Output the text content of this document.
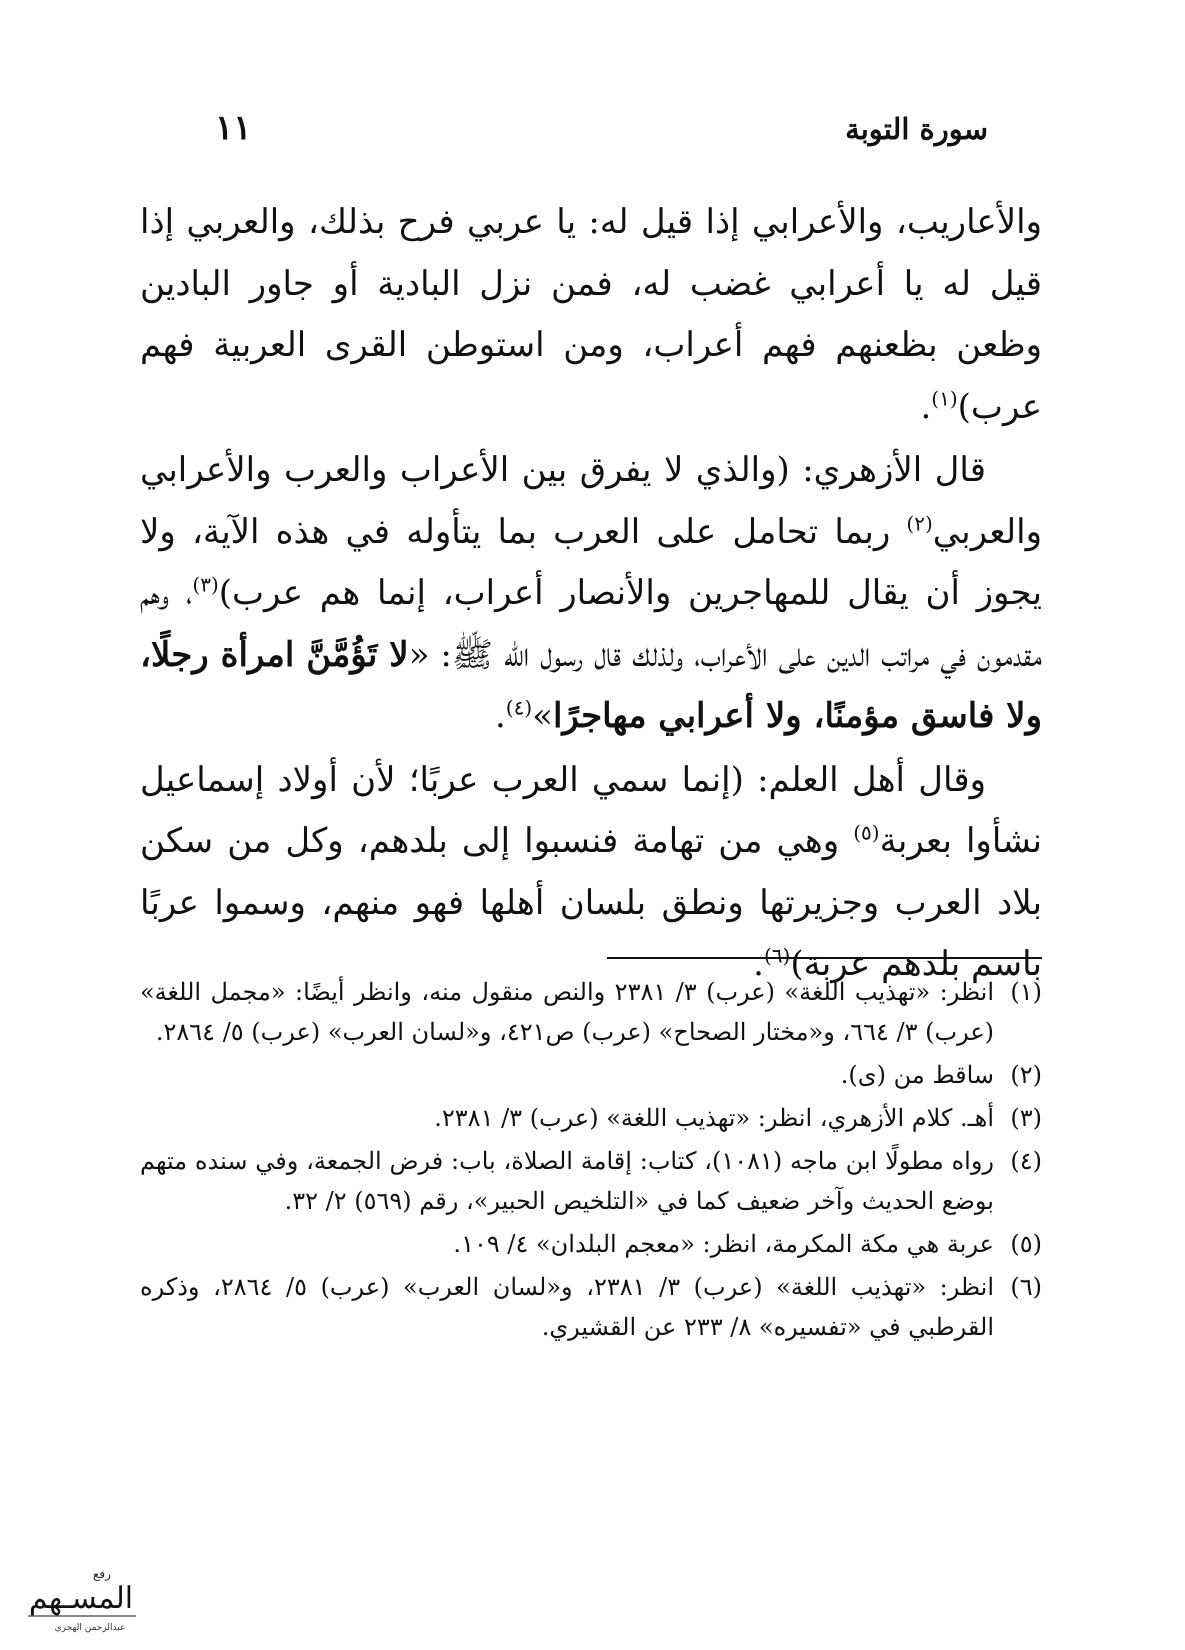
سورة التوبة
١١

والأعاريب، والأعرابي إذا قيل له: يا عربي فرح بذلك، والعربي إذا قيل له يا أعرابي غضب له، فمن نزل البادية أو جاور البادين وظعن بظعنهم فهم أعراب، ومن استوطن القرى العربية فهم عرب)$^{(١)}$.

قال الأزهري: (والذي لا يفرق بين الأعراب والعرب والأعرابي والعربي$^{(٢)}$ ربما تحامل على العرب بما يتأوله في هذه الآية، ولا يجوز أن يقال للمهاجرين والأنصار أعراب، إنما هم عرب)$^{(٣)}$، وهم مقدمون في مراتب الدين على الأعراب، ولذلك قال رسول الله ﷺ: «لا تَؤُمَّنَّ امرأة رجلًا، ولا فاسق مؤمنًا، ولا أعرابي مهاجرًا»$^{(٤)}$.

وقال أهل العلم: (إنما سمي العرب عربًا؛ لأن أولاد إسماعيل نشأوا بعربة$^{(٥)}$ وهي من تهامة فنسبوا إلى بلدهم، وكل من سكن بلاد العرب وجزيرتها ونطق بلسان أهلها فهو منهم، وسموا عربًا باسم بلدهم عربة)$^{(٦)}$.

(١)
انظر: «تهذيب اللغة» (عرب) ٣/ ٢٣٨١ والنص منقول منه، وانظر أيضًا: «مجمل اللغة» (عرب) ٣/ ٦٦٤، و«مختار الصحاح» (عرب) ص٤٢١، و«لسان العرب» (عرب) ٥/ ٢٨٦٤.
(٢)
ساقط من (ى).
(٣)
أهـ. كلام الأزهري، انظر: «تهذيب اللغة» (عرب) ٣/ ٢٣٨١.
(٤)
رواه مطولًا ابن ماجه (١٠٨١)، كتاب: إقامة الصلاة، باب: فرض الجمعة، وفي سنده متهم بوضع الحديث وآخر ضعيف كما في «التلخيص الحبير»، رقم (٥٦٩) ٢/ ٣٢.
(٥)
عربة هي مكة المكرمة، انظر: «معجم البلدان» ٤/ ١٠٩.
(٦)
انظر: «تهذيب اللغة» (عرب) ٣/ ٢٣٨١، و«لسان العرب» (عرب) ٥/ ٢٨٦٤، وذكره القرطبي في «تفسيره» ٨/ ٢٣٣ عن القشيري.
رفع
المسـ‍‍هم
عبدالرحمن الهجري
